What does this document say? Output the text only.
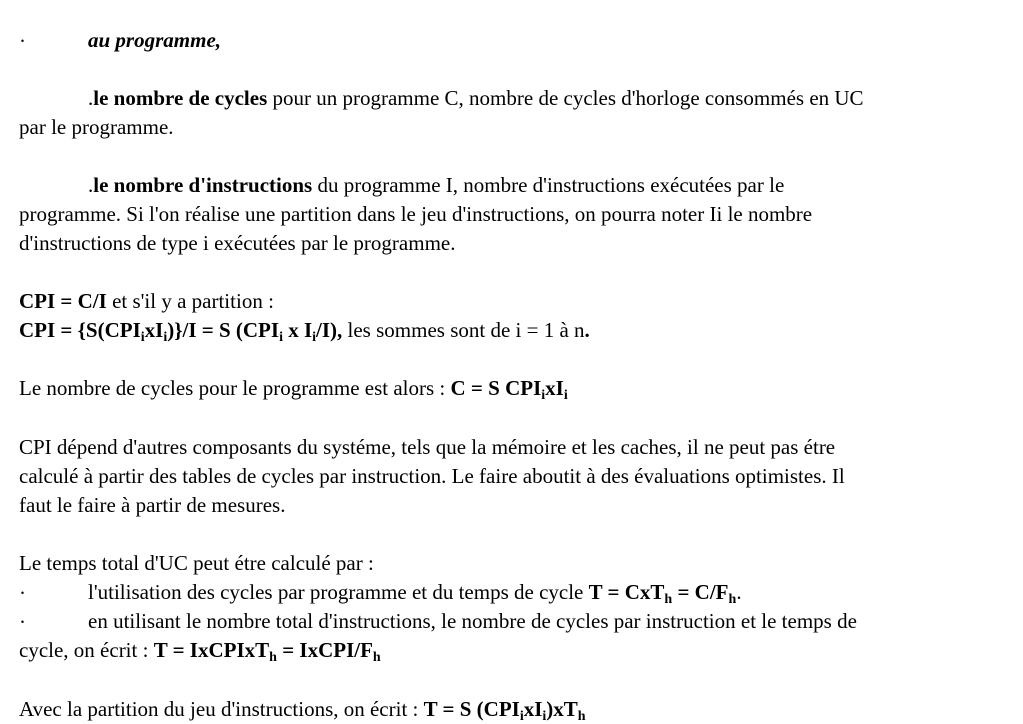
·	au programme,
.le nombre de cycles pour un programme C, nombre de cycles d'horloge consommés en UC
par le programme.
.le nombre d'instructions du programme I, nombre d'instructions exécutées par le
programme. Si l'on réalise une partition dans le jeu d'instructions, on pourra noter Ii le nombre
d'instructions de type i exécutées par le programme.
CPI = C/I et s'il y a partition :
CPI = $\{S(CPI_ixI_i)\}/I = S$ ($CPI_i$ x $I_i/I$), les sommes sont de i = 1 à n.
Le nombre de cycles pour le programme est alors : C = S $CPI_ixI_i$
CPI dépend d'autres composants du systéme, tels que la mémoire et les caches, il ne peut pas étre
calculé à partir des tables de cycles par instruction. Le faire aboutit à des évaluations optimistes. Il
faut le faire à partir de mesures.
Le temps total d'UC peut étre calculé par :
·	l'utilisation des cycles par programme et du temps de cycle $T = CxT_h = C/F_h$.
·	en utilisant le nombre total d'instructions, le nombre de cycles par instruction et le temps de
cycle, on écrit : T = IxCPIxT$_h$ = IxCPI/$F_h$
Avec la partition du jeu d'instructions, on écrit : T = S $(CPI_ixI_i)xT_h$
